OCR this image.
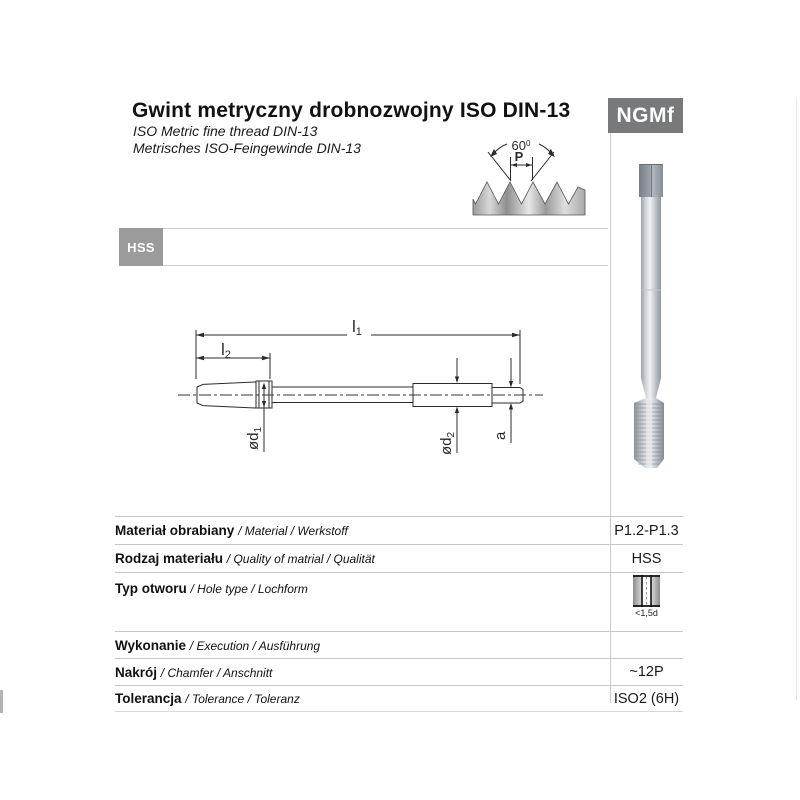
Gwint metryczny drobnozwojny ISO DIN-13
ISO Metric fine thread DIN-13
Metrisches ISO-Feingewinde DIN-13
NGMf
$60^0$
P
HSS
l1
l2
$ød_1$
$ød_2$ a
Materiał obrabiany / Material / Werkstoff	P1.2-P1.3
Rodzaj materiału / Quality of matrial / Qualität	HSS
Typ otworu / Hole type / Lochform	<1,5d

Wykonanie / Execution / Ausführung	
Nakrój / Chamfer / Anschnitt	~12P
Tolerancja / Tolerance / Toleranz	ISO2 (6H)
